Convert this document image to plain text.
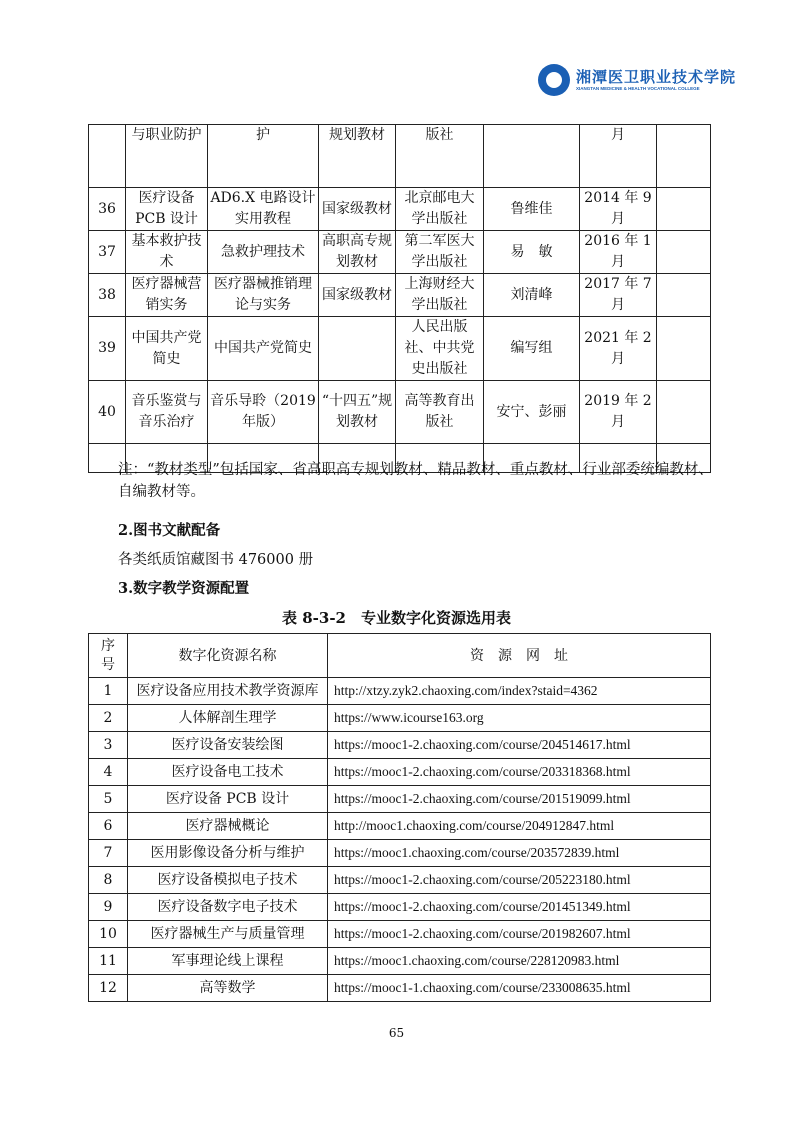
湘潭医卫职业技术学院
XIANGTAN MEDICINE & HEALTH VOCATIONAL COLLEGE
	与职业防护	护	规划教材	版社		月	
36	医疗设备PCB 设计	AD6.X 电路设计实用教程	国家级教材	北京邮电大学出版社	鲁维佳	2014 年 9 月	
37	基本救护技术	急救护理技术	高职高专规划教材	第二军医大学出版社	易　敏	2016 年 1 月	
38	医疗器械营销实务	医疗器械推销理论与实务	国家级教材	上海财经大学出版社	刘清峰	2017 年 7 月	
39	中国共产党简史	中国共产党简史		人民出版社、中共党史出版社	编写组	2021 年 2 月	
40	音乐鉴赏与音乐治疗	音乐导聆（2019年版）	“十四五”规划教材	高等教育出版社	安宁、彭丽	2019 年 2 月	

注：“教材类型”包括国家、省高职高专规划教材、精品教材、重点教材、行业部委统编教材、自编教材等。
2.图书文献配备
各类纸质馆藏图书 476000 册
3.数字教学资源配置
表 8-3-2　专业数字化资源选用表
序号	数字化资源名称	资　源　网　址
1	医疗设备应用技术教学资源库	http://xtzy.zyk2.chaoxing.com/index?staid=4362
2	人体解剖生理学	https://www.icourse163.org
3	医疗设备安装绘图	https://mooc1-2.chaoxing.com/course/204514617.html
4	医疗设备电工技术	https://mooc1-2.chaoxing.com/course/203318368.html
5	医疗设备 PCB 设计	https://mooc1-2.chaoxing.com/course/201519099.html
6	医疗器械概论	http://mooc1.chaoxing.com/course/204912847.html
7	医用影像设备分析与维护	https://mooc1.chaoxing.com/course/203572839.html
8	医疗设备模拟电子技术	https://mooc1-2.chaoxing.com/course/205223180.html
9	医疗设备数字电子技术	https://mooc1-2.chaoxing.com/course/201451349.html
10	医疗器械生产与质量管理	https://mooc1-2.chaoxing.com/course/201982607.html
11	军事理论线上课程	https://mooc1.chaoxing.com/course/228120983.html
12	高等数学	https://mooc1-1.chaoxing.com/course/233008635.html
65
